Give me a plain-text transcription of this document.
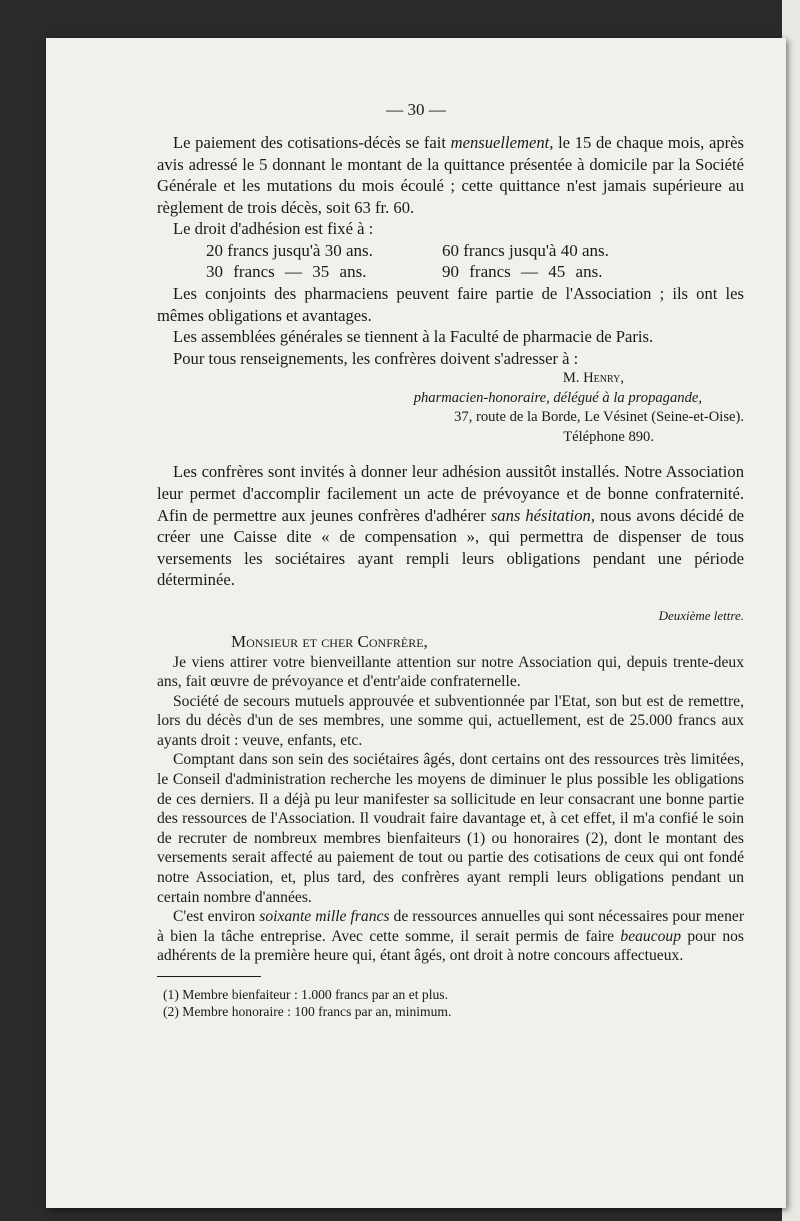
— 30 —

Le paiement des cotisations-décès se fait mensuellement, le 15 de chaque mois, après avis adressé le 5 donnant le montant de la quittance présentée à domicile par la Société Générale et les mutations du mois écoulé ; cette quittance n'est jamais supérieure au règlement de trois décès, soit 63 fr. 60.

Le droit d'adhésion est fixé à :

20 francs jusqu'à 30 ans.	60 francs jusqu'à 40 ans.
30 francs — 35 ans.	90 francs — 45 ans.

Les conjoints des pharmaciens peuvent faire partie de l'Association ; ils ont les mêmes obligations et avantages.

Les assemblées générales se tiennent à la Faculté de pharmacie de Paris.

Pour tous renseignements, les confrères doivent s'adresser à :

M. Henry,
pharmacien-honoraire, délégué à la propagande,
37, route de la Borde, Le Vésinet (Seine-et-Oise).
Téléphone 890.

Les confrères sont invités à donner leur adhésion aussitôt installés. Notre Association leur permet d'accomplir facilement un acte de prévoyance et de bonne confraternité. Afin de permettre aux jeunes confrères d'adhérer sans hésitation, nous avons décidé de créer une Caisse dite « de compensation », qui permettra de dispenser de tous versements les sociétaires ayant rempli leurs obligations pendant une période déterminée.

Deuxième lettre.
Monsieur et cher Confrère,

Je viens attirer votre bienveillante attention sur notre Association qui, depuis trente-deux ans, fait œuvre de prévoyance et d'entr'aide confraternelle.

Société de secours mutuels approuvée et subventionnée par l'Etat, son but est de remettre, lors du décès d'un de ses membres, une somme qui, actuellement, est de 25.000 francs aux ayants droit : veuve, enfants, etc.

Comptant dans son sein des sociétaires âgés, dont certains ont des ressources très limitées, le Conseil d'administration recherche les moyens de diminuer le plus possible les obligations de ces derniers. Il a déjà pu leur manifester sa sollicitude en leur consacrant une bonne partie des ressources de l'Association. Il voudrait faire davantage et, à cet effet, il m'a confié le soin de recruter de nombreux membres bienfaiteurs (1) ou honoraires (2), dont le montant des versements serait affecté au paiement de tout ou partie des cotisations de ceux qui ont fondé notre Association, et, plus tard, des confrères ayant rempli leurs obligations pendant un certain nombre d'années.

C'est environ soixante mille francs de ressources annuelles qui sont nécessaires pour mener à bien la tâche entreprise. Avec cette somme, il serait permis de faire beaucoup pour nos adhérents de la première heure qui, étant âgés, ont droit à notre concours affectueux.

(1) Membre bienfaiteur : 1.000 francs par an et plus.
(2) Membre honoraire : 100 francs par an, minimum.
